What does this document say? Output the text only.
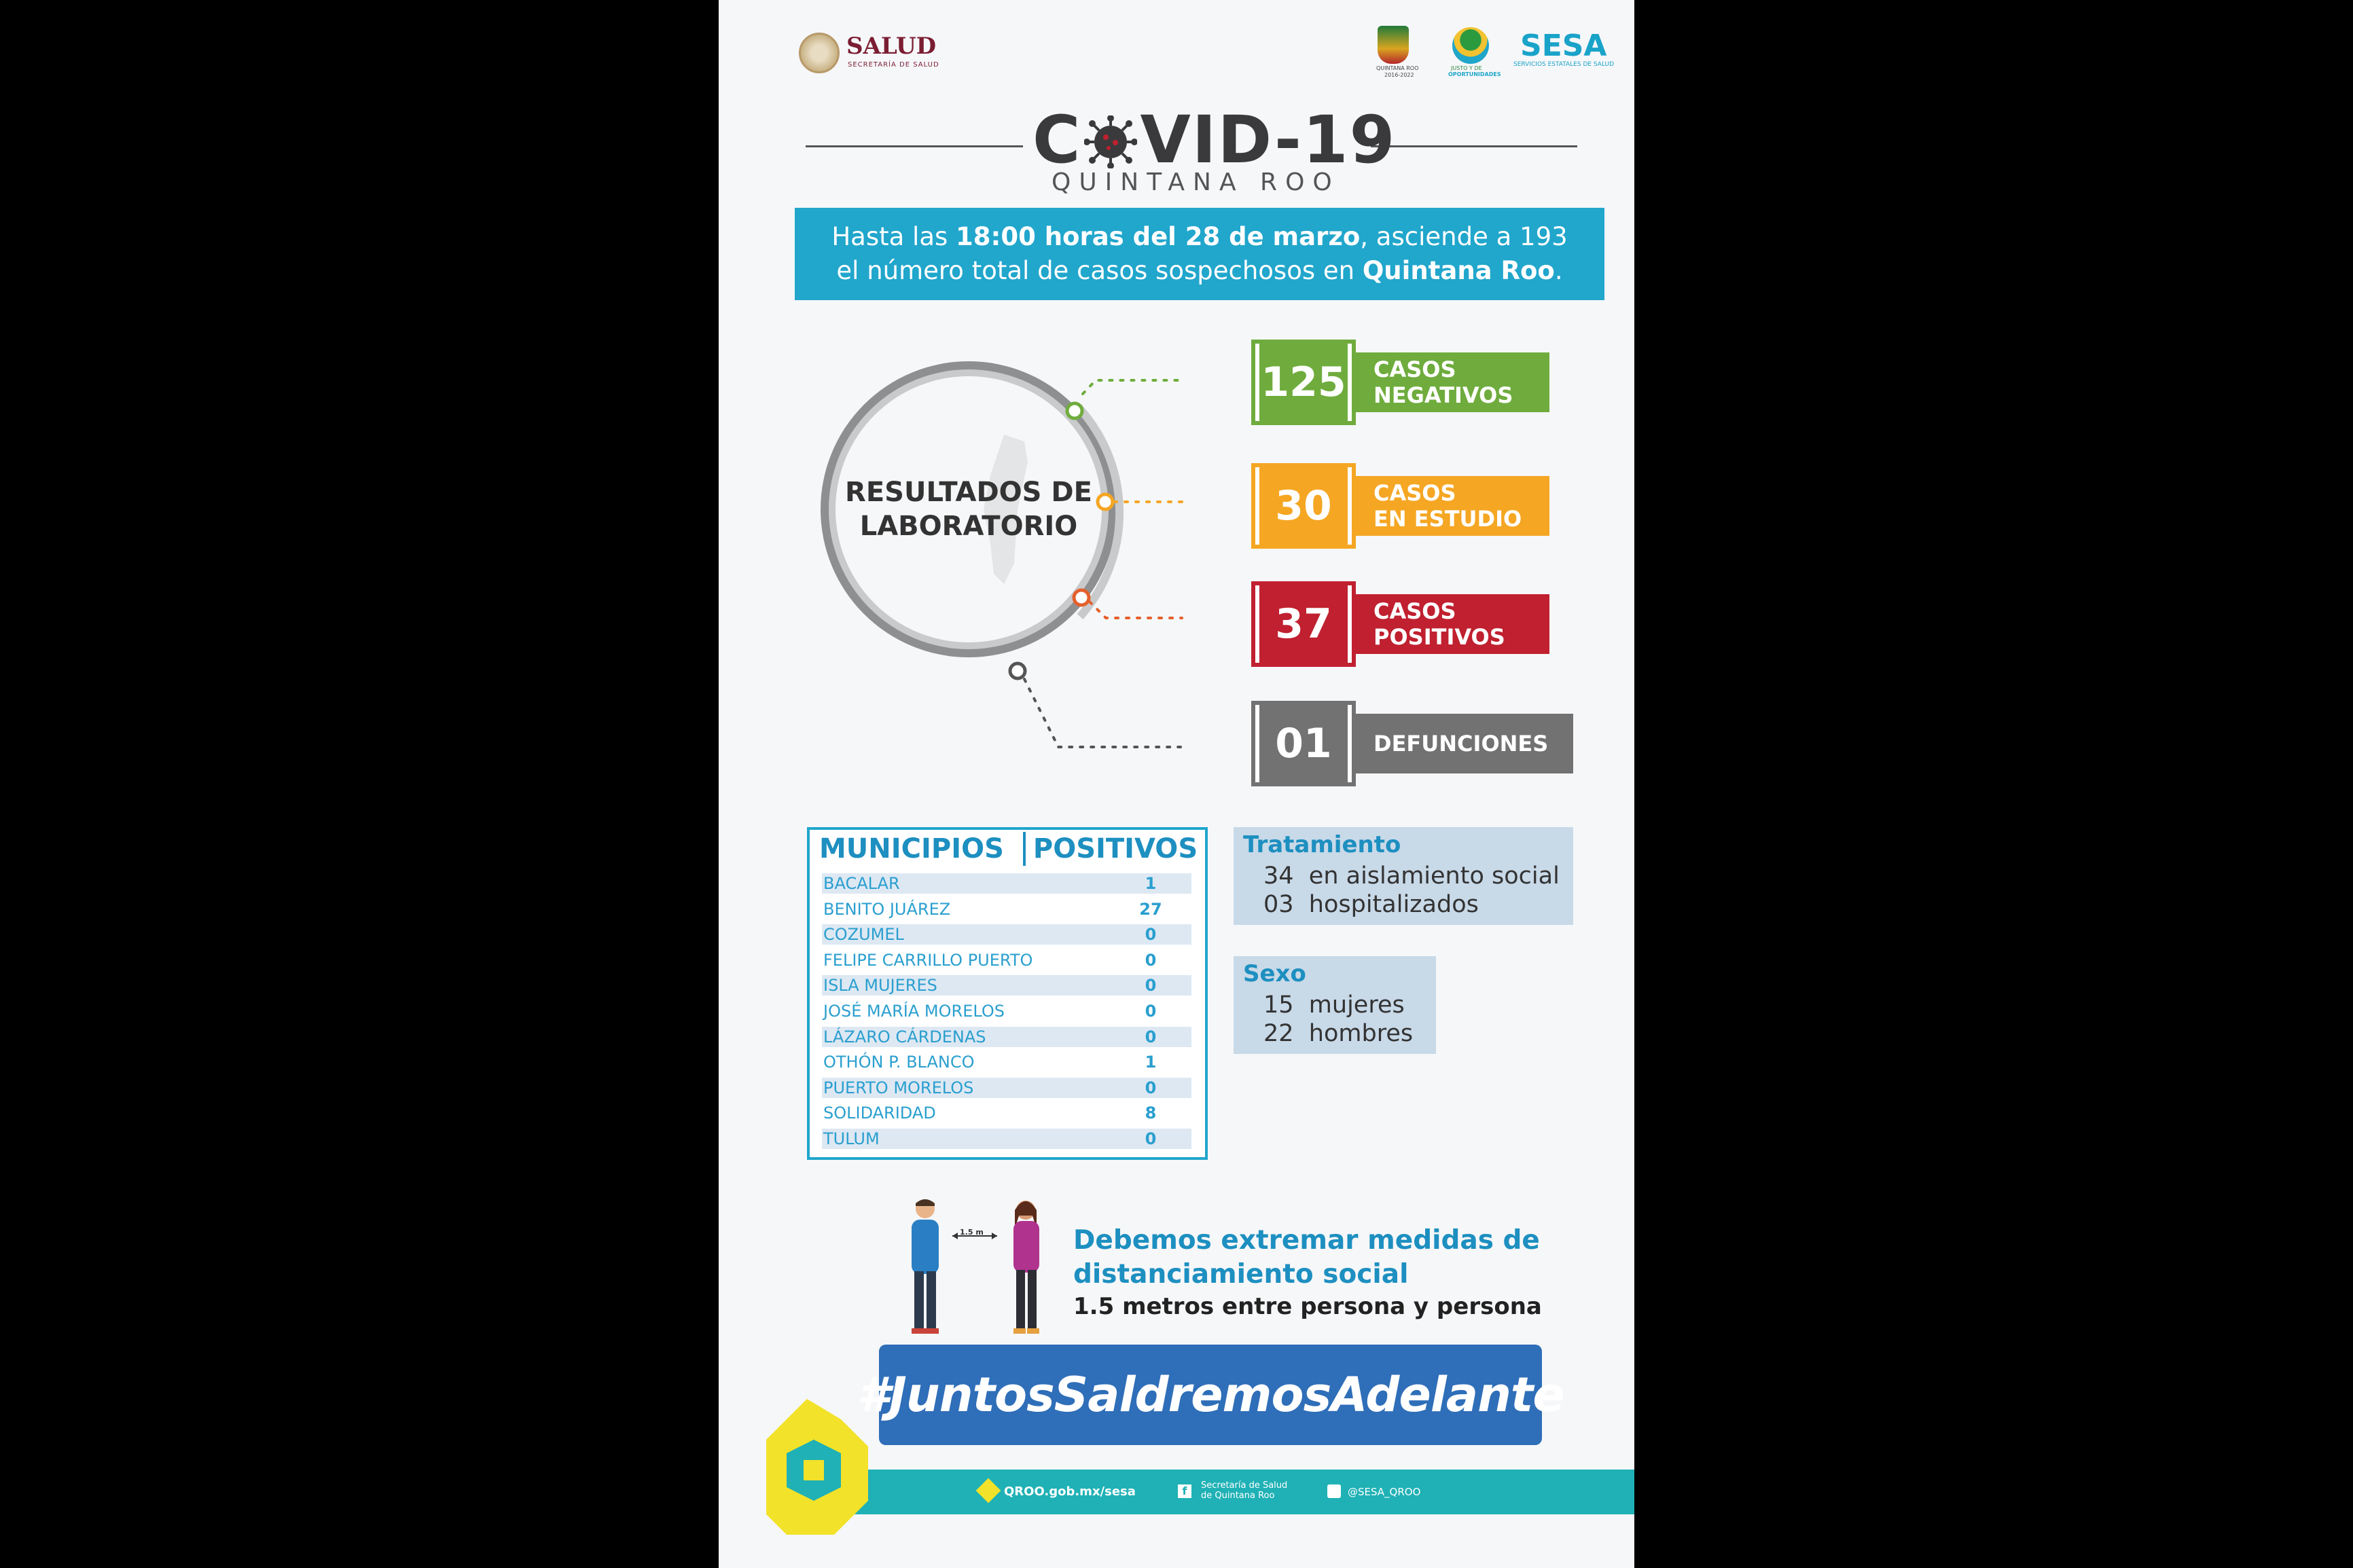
SALUD
SECRETARÍA DE SALUD	QUINTANA ROO
2016-2022
JUSTO Y DE
OPORTUNIDADES
SESA
SERVICIOS ESTATALES DE SALUD
C VID-19
QUINTANA ROO
Hasta las 18:00 horas del 28 de marzo, asciende a 193
el número total de casos sospechosos en Quintana Roo.
RESULTADOS DE
LABORATORIO
125 CASOS
NEGATIVOS
30	CASOS
EN ESTUDIO
37	CASOS
POSITIVOS
01	DEFUNCIONES
MUNICIPIOS	POSITIVOS
BACALAR	1
BENITO JUÁREZ	27
COZUMEL	0
FELIPE CARRILLO PUERTO	0
ISLA MUJERES	0
JOSÉ MARÍA MORELOS	0
LÁZARO CÁRDENAS	0
OTHÓN P. BLANCO	1
PUERTO MORELOS	0
SOLIDARIDAD	8
TULUM	0
Tratamiento
34  en aislamiento social
03  hospitalizados
Sexo
15  mujeres
22  hombres
1.5 m	Debemos extremar medidas de
distanciamiento social
1.5 metros entre persona y persona
#JuntosSaldremosAdelante
QROO.gob.mx/sesa	f	Secretaría de Salud
de Quintana Roo	@SESA_QROO
